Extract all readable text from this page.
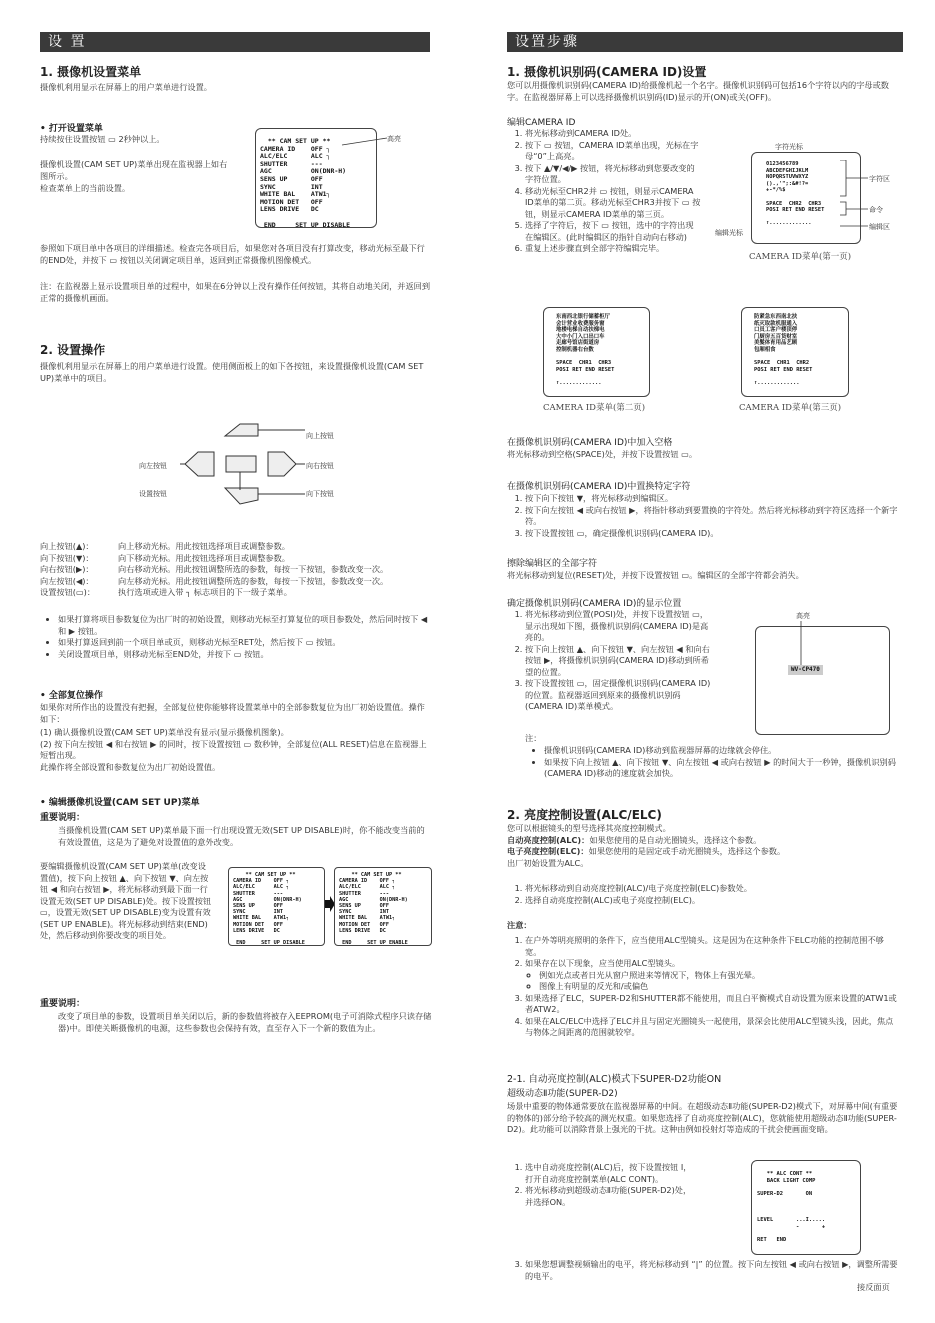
设 置
1. 摄像机设置菜单
摄像机利用显示在屏幕上的用户菜单进行设置。
• 打开设置菜单
持续按住设置按钮 ▭ 2秒钟以上。
摄像机设置(CAM SET UP)菜单出现在监视器上如右图所示。
检查菜单上的当前设置。
** CAM SET UP **
CAMERA ID    OFF ┐
ALC/ELC      ALC ┐
SHUTTER      ---
AGC          ON(DNR-H)
SENS UP      OFF
SYNC         INT
WHITE BAL    ATW1┐
MOTION DET   OFF
LENS DRIVE   DC

END     SET UP DISABLE
高亮
参照如下项目单中各项目的详细描述。检查完各项目后，如果您对各项目没有打算改变，移动光标至最下行的END处，并按下 ▭ 按钮以关闭调定项目单，返回到正常摄像机图像模式。
注：在监视器上显示设置项目单的过程中，如果在6分钟以上没有操作任何按钮，其将自动地关闭，并返回到正常的摄像机画面。
2. 设置操作
摄像机利用显示在屏幕上的用户菜单进行设置。使用侧面板上的如下各按钮，来设置摄像机设置(CAM SET UP)菜单中的项目。
向上按钮
向左按钮	向右按钮
设置按钮	向下按钮
向上按钮(▲)：	向上移动光标。用此按钮选择项目或调整参数。
向下按钮(▼)：	向下移动光标。用此按钮选择项目或调整参数。
向右按钮(▶)：	向右移动光标。用此按钮调整所选的参数，每按一下按钮，参数改变一次。
向左按钮(◀)：	向左移动光标。用此按钮调整所选的参数，每按一下按钮，参数改变一次。
设置按钮(▭)：	执行选项或进入带 ┐ 标志项目的下一级子菜单。
• 如果打算将项目参数复位为出厂时的初始设置，则移动光标至打算复位的项目参数处，然后同时按下 ◀ 和 ▶ 按钮。
• 如果打算返回到前一个项目单或页，则移动光标至RET处，然后按下 ▭ 按钮。
• 关闭设置项目单，则移动光标至END处，并按下 ▭ 按钮。
• 全部复位操作
如果你对所作出的设置没有把握，全部复位使你能够将设置菜单中的全部参数复位为出厂初始设置值。操作如下：
(1) 确认摄像机设置(CAM SET UP)菜单没有显示(显示摄像机图象)。
(2) 按下向左按钮 ◀ 和右按钮 ▶ 的同时，按下设置按钮 ▭ 数秒钟，全部复位(ALL RESET)信息在监视器上短暂出现。
此操作将全部设置和参数复位为出厂初始设置值。
• 编辑摄像机设置(CAM SET UP)菜单
重要说明：
当摄像机设置(CAM SET UP)菜单最下面一行出现设置无效(SET UP DISABLE)时，你不能改变当前的有效设置值，这是为了避免对设置值的意外改变。
要编辑摄像机设置(CAM SET UP)菜单(改变设置值)，按下向上按钮 ▲、向下按钮 ▼、向左按钮 ◀ 和向右按钮 ▶，将光标移动到最下面一行设置无效(SET UP DISABLE)处。按下设置按钮 ▭，设置无效(SET UP DISABLE)变为设置有效(SET UP ENABLE)。将光标移动到结束(END)处，然后移动到你要改变的项目处。
** CAM SET UP **
CAMERA ID    OFF ┐
ALC/ELC      ALC ┐
SHUTTER      ---
AGC          ON(DNR-H)
SENS UP      OFF
SYNC         INT
WHITE BAL    ATW1┐
MOTION DET   OFF
LENS DRIVE   DC

END     SET UP DISABLE
** CAM SET UP **
CAMERA ID    OFF ┐
ALC/ELC      ALC ┐
SHUTTER      ---
AGC          ON(DNR-H)
SENS UP      OFF
SYNC         INT
WHITE BAL    ATW1┐
MOTION DET   OFF
LENS DRIVE   DC

END     SET UP ENABLE
重要说明：
改变了项目单的参数，设置项目单关闭以后，新的参数值将被存入EEPROM(电子可消除式程序只读存储器)中。即使关断摄像机的电源，这些参数也会保持有效，直至存入下一个新的数值为止。
设置步骤
1. 摄像机识别码(CAMERA ID)设置
您可以用摄像机识别码(CAMERA ID)给摄像机起一个名字。摄像机识别码可包括16个字符以内的字母或数字。在监视器屏幕上可以选择摄像机识别码(ID)显示的开(ON)或关(OFF)。
编辑CAMERA ID
1. 将光标移动到CAMERA ID处。
2. 按下 ▭ 按钮，CAMERA ID菜单出现，光标在字母“0”上高亮。
3. 按下 ▲/▼/◀/▶ 按钮，将光标移动到您要改变的字符位置。
4. 移动光标至CHR2并 ▭ 按钮，则显示CAMERA ID菜单的第二页。移动光标至CHR3并按下 ▭ 按钮，则显示CAMERA ID菜单的第三页。
5. 选择了字符后，按下 ▭ 按钮，选中的字符出现在编辑区。(此时编辑区的指针自动向右移动)
6. 重复上述步骤直到全部字符编辑完毕。
字符光标
0123456789
ABCDEFGHIJKLM
NOPQRSTUVWXYZ
().,'";:&#!?=
+-*/%$

SPACE  CHR2  CHR3
POSI RET END RESET

↑.............
字符区
命令
编辑区
编辑光标
CAMERA ID菜单(第一页)
东南西北银行储蓄柜厅
会计营业收费服务窗
地楼电梯自动扶梯电
大中小门入口出口车
走廊号馆店街道房
控制机器右台数

SPACE  CHR1  CHR3
POSI RET END RESET

↑.............
防紧急东西南北扶
纸灭取款机服通入
口员工客户楼顶停
门厨房五百货财室
美髮体育用品艺顾
包厢相食

SPACE  CHR1  CHR2
POSI RET END RESET

↑.............
CAMERA ID菜单(第二页)	CAMERA ID菜单(第三页)
在摄像机识别码(CAMERA ID)中加入空格
将光标移动到空格(SPACE)处，并按下设置按钮 ▭。
在摄像机识别码(CAMERA ID)中置换特定字符
1. 按下向下按钮 ▼，将光标移动到编辑区。
2. 按下向左按钮 ◀ 或向右按钮 ▶，将指针移动到要置换的字符处。然后将光标移动到字符区选择一个新字符。
3. 按下设置按钮 ▭，确定摄像机识别码(CAMERA ID)。
擦除编辑区的全部字符
将光标移动到复位(RESET)处，并按下设置按钮 ▭。编辑区的全部字符都会消失。
确定摄像机识别码(CAMERA ID)的显示位置
1. 将光标移动到位置(POSI)处，并按下设置按钮 ▭，显示出现如下图，摄像机识别码(CAMERA ID)是高亮的。
2. 按下向上按钮 ▲、向下按钮 ▼、向左按钮 ◀ 和向右按钮 ▶，将摄像机识别码(CAMERA ID)移动到所希望的位置。
3. 按下设置按钮 ▭，固定摄像机识别码(CAMERA ID)的位置。监视器返回到原来的摄像机识别码(CAMERA ID)菜单模式。
高亮
WV-CP470
注：
• 摄像机识别码(CAMERA ID)移动到监视器屏幕的边缘就会停住。
• 如果按下向上按钮 ▲、向下按钮 ▼、向左按钮 ◀ 或向右按钮 ▶ 的时间大于一秒钟，摄像机识别码(CAMERA ID)移动的速度就会加快。
2. 亮度控制设置(ALC/ELC)
您可以根据镜头的型号选择其亮度控制模式。
自动亮度控制(ALC)：如果您使用的是自动光圈镜头，选择这个参数。
电子亮度控制(ELC)：如果您使用的是固定或手动光圈镜头，选择这个参数。
出厂初始设置为ALC。
1. 将光标移动到自动亮度控制(ALC)/电子亮度控制(ELC)参数处。
2. 选择自动亮度控制(ALC)或电子亮度控制(ELC)。
注意：
1. 在户外等明亮照明的条件下，应当使用ALC型镜头。这是因为在这种条件下ELC功能的控制范围不够宽。
2. 如果存在以下现象，应当使用ALC型镜头。
◦ 例如光点或者日光从窗户照进来等情况下，物体上有强光晕。
◦ 图像上有明显的反光和/或偏色
3. 如果选择了ELC，SUPER-D2和SHUTTER都不能使用，而且白平衡模式自动设置为原来设置的ATW1或者ATW2。
4. 如果在ALC/ELC中选择了ELC并且与固定光圈镜头一起使用，景深会比使用ALC型镜头浅，因此，焦点与物体之间距离的范围就较窄。
2-1. 自动亮度控制(ALC)模式下SUPER-D2功能ON
超级动态Ⅱ功能(SUPER-D2)
场景中重要的物体通常要放在监视器屏幕的中间。在超级动态Ⅱ功能(SUPER-D2)模式下，对屏幕中间(有重要的物体的)部分给予较高的测光权重。如果您选择了自动亮度控制(ALC)，您就能使用超级动态Ⅱ功能(SUPER-D2)。此功能可以消除背景上强光的干扰。这种由例如投射灯等造成的干扰会使画面变暗。
1. 选中自动亮度控制(ALC)后，按下设置按钮 Ⅰ，打开自动亮度控制菜单(ALC CONT)。
2. 将光标移动到超级动态Ⅱ功能(SUPER-D2)处，并选择ON。
** ALC CONT **
BACK LIGHT COMP

SUPER-D2       ON

LEVEL       ...I.....
-       +

RET   END
3. 如果您想调整视频输出的电平，将光标移动到 “|” 的位置。按下向左按钮 ◀ 或向右按钮 ▶，调整所需要的电平。
接反面页
